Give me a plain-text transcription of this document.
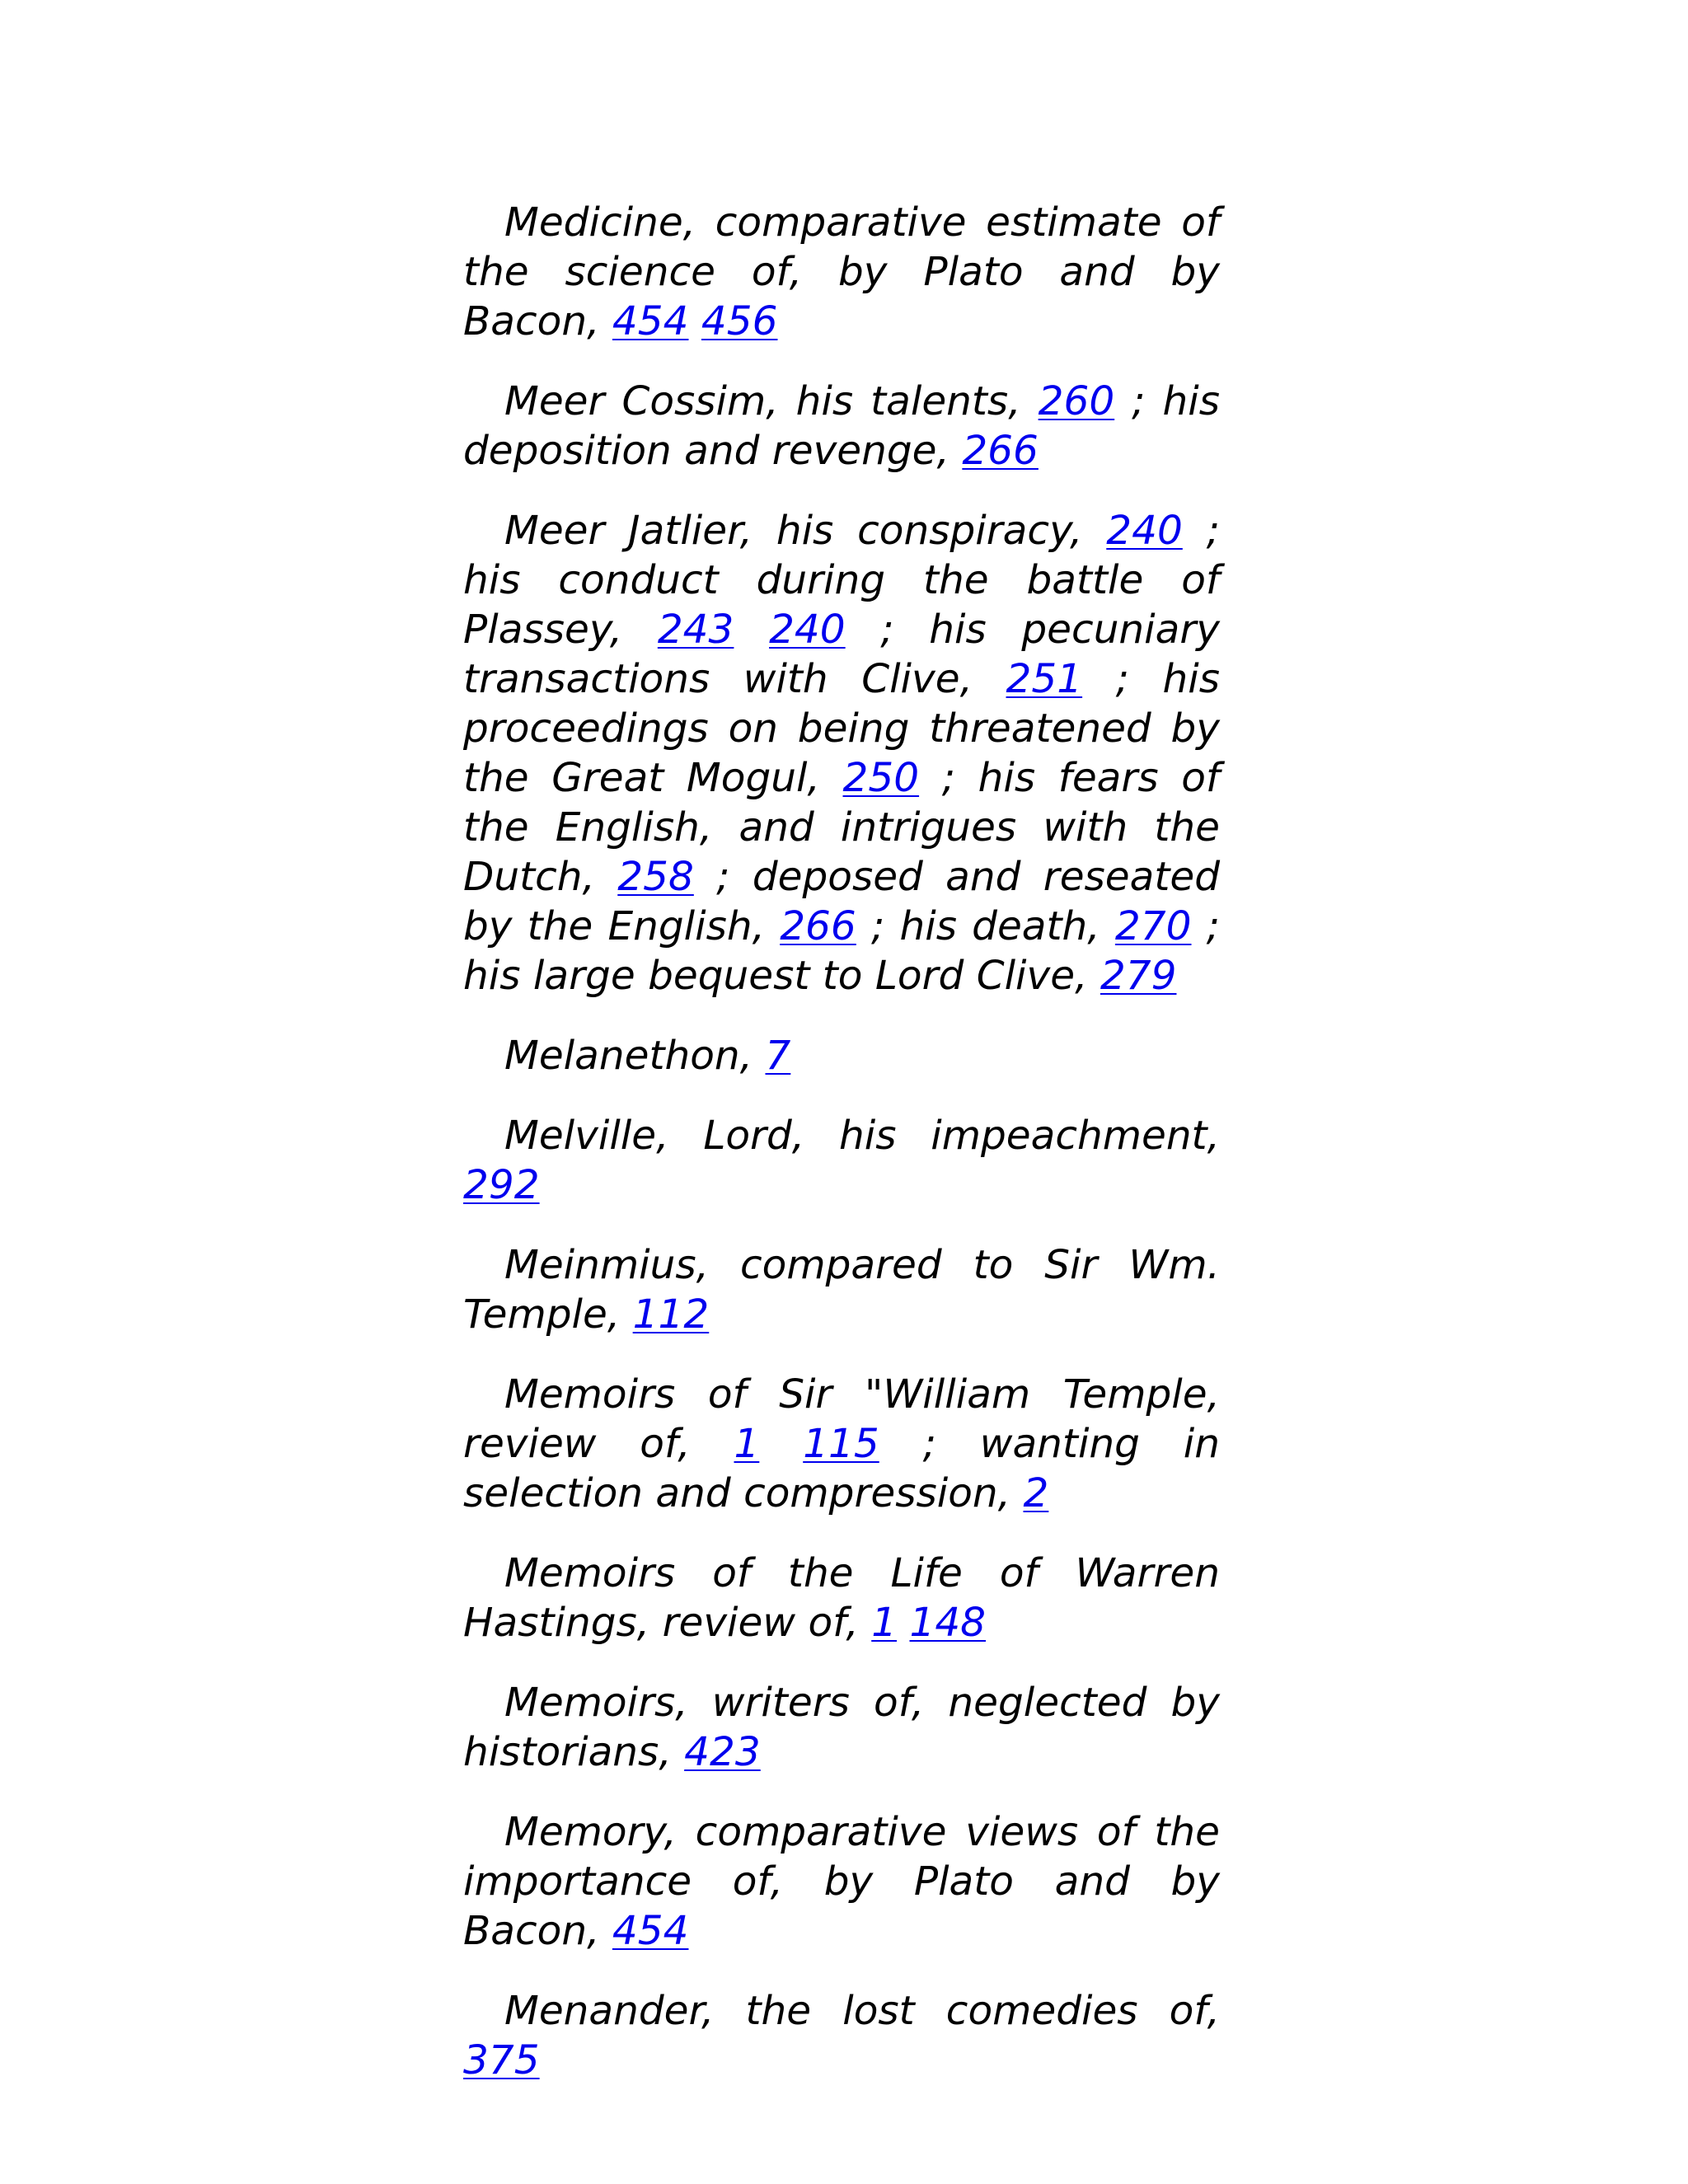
Medicine, comparative estimate of the science of, by Plato and by Bacon, 454 456

Meer Cossim, his talents, 260 ; his deposition and revenge, 266

Meer Jatlier, his conspiracy, 240 ; his conduct during the battle of Plassey, 243 240 ; his pecuniary transactions with Clive, 251 ; his proceedings on being threatened by the Great Mogul, 250 ; his fears of the English, and intrigues with the Dutch, 258 ; deposed and reseated by the English, 266 ; his death, 270 ; his large bequest to Lord Clive, 279

Melanethon, 7

Melville, Lord, his impeachment, 292

Meinmius, compared to Sir Wm. Temple, 112

Memoirs of Sir "William Temple, review of, 1 115 ; wanting in selection and compression, 2

Memoirs of the Life of Warren Hastings, review of, 1 148

Memoirs, writers of, neglected by historians, 423

Memory, comparative views of the importance of, by Plato and by Bacon, 454

Menander, the lost comedies of, 375
